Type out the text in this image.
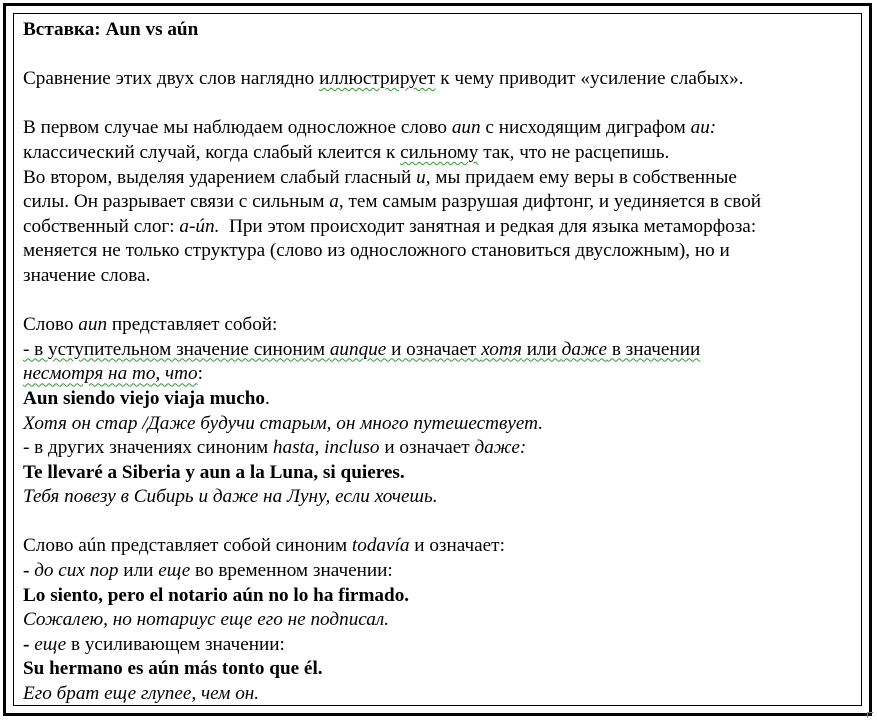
Вставка: Aun vs aún
Сравнение этих двух слов наглядно иллюстрирует к чему приводит «усиление слабых».
В первом случае мы наблюдаем односложное слово aun с нисходящим диграфом au:
классический случай, когда слабый клеится к сильному так, что не расцепишь.
Во втором, выделяя ударением слабый гласный u, мы придаем ему веры в собственные
силы. Он разрывает связи с сильным a, тем самым разрушая дифтонг, и уединяется в свой
собственный слог: a-ún.  При этом происходит занятная и редкая для языка метаморфоза:
меняется не только структура (слово из односложного становиться двусложным), но и
значение слова.
Слово aun представляет собой:
- в уступительном значение синоним aunque и означает хотя или даже в значении
несмотря на то, что:
Aun siendo viejo viaja mucho.
Хотя он стар /Даже будучи старым, он много путешествует.
- в других значениях синоним hasta, incluso и означает даже:
Te llevaré a Siberia y aun a la Luna, si quieres.
Тебя повезу в Сибирь и даже на Луну, если хочешь.
Слово aún представляет собой синоним todavía и означает:
- до сих пор или еще во временном значении:
Lo siento, pero el notario aún no lo ha firmado.
Сожалею, но нотариус еще его не подписал.
- еще в усиливающем значении:
Su hermano es aún más tonto que él.
Его брат еще глупее, чем он.
